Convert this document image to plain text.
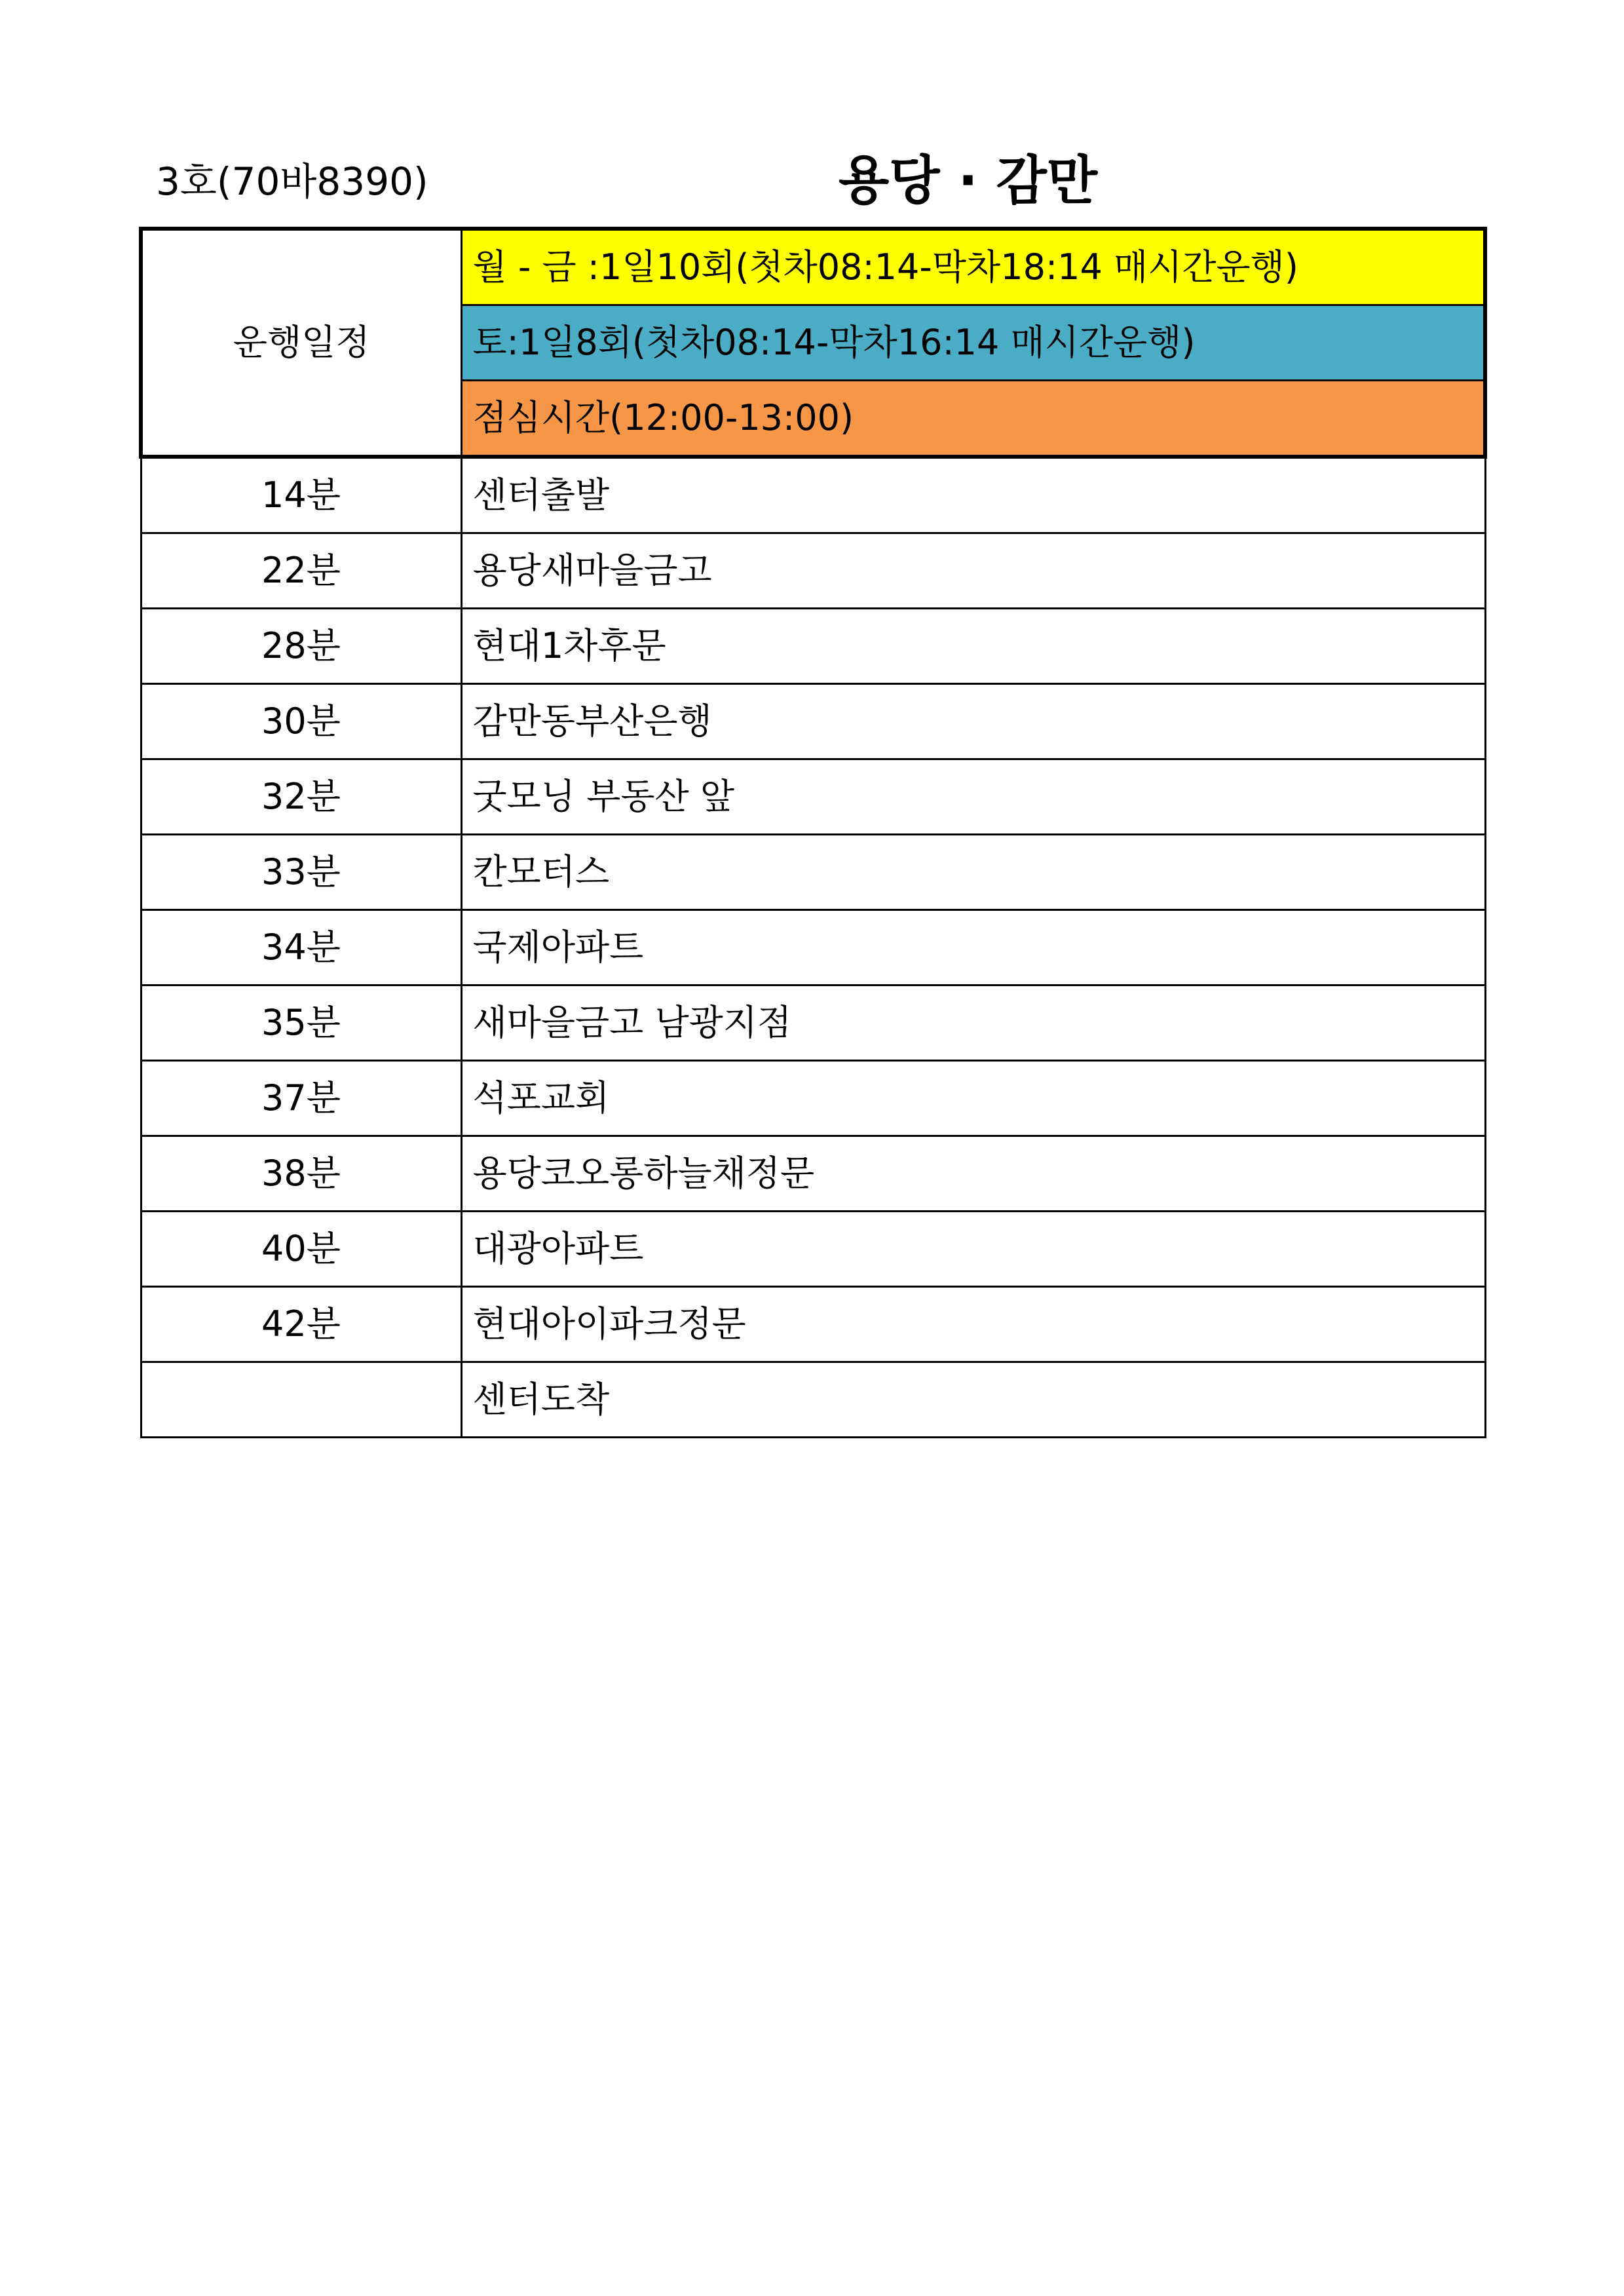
3호(70바8390)	용당 · 감만
운행일정	월 - 금 :1일10회(첫차08:14-막차18:14 매시간운행)
	토:1일8회(첫차08:14-막차16:14 매시간운행)
	점심시간(12:00-13:00)
14분	센터출발
22분	용당새마을금고
28분	현대1차후문
30분	감만동부산은행
32분	굿모닝 부동산 앞
33분	칸모터스
34분	국제아파트
35분	새마을금고 남광지점
37분	석포교회
38분	용당코오롱하늘채정문
40분	대광아파트
42분	현대아이파크정문
	센터도착
